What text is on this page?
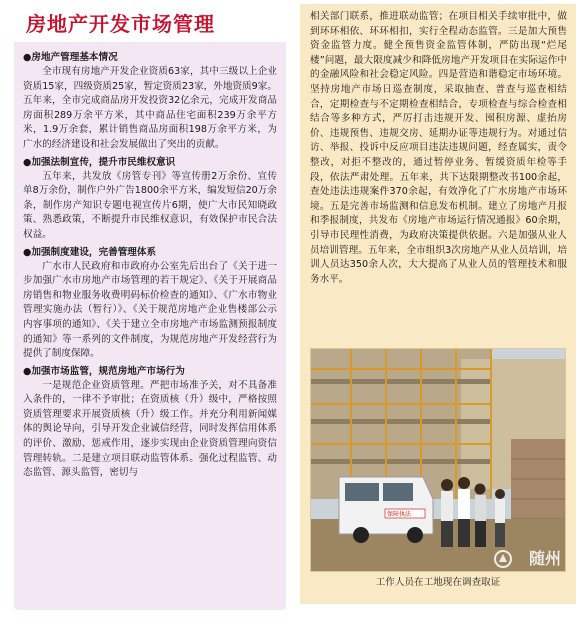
房地产开发市场管理
●房地产管理基本情况

全市现有房地产开发企业资质63家，其中三级以上企业资质15家，四级资质25家，暂定资质23家，外地资质9家。五年来，全市完成商品房开发投资32亿余元，完成开发商品房面积289万余平方米，其中商品住宅面积239万余平方米，1.9万余套，累计销售商品房面积198万余平方米，为广水的经济建设和社会发展做出了突出的贡献。

●加强法制宣传，提升市民维权意识

五年来，共发放《房管专刊》等宣传册2万余份、宣传单8万余份，制作户外广告1800余平方米，编发短信20万余条，制作房产知识专题电视宣传片6期，使广大市民知晓政策、熟悉政策，不断提升市民维权意识，有效保护市民合法权益。

●加强制度建设，完善管理体系

广水市人民政府和市政府办公室先后出台了《关于进一步加强广水市房地产市场管理的若干规定》、《关于开展商品房销售和物业服务收费明码标价检查的通知》、《广水市物业管理实施办法（暂行）》、《关于规范房地产企业售楼部公示内容事项的通知》、《关于建立全市房地产市场监测预报制度的通知》等一系列的文件制度，为规范房地产开发经营行为提供了制度保障。

●加强市场监管，规范房地产市场行为

一是规范企业资质管理。严把市场准予关，对不具备准入条件的，一律不予审批；在资质核（升）级中，严格按照资质管理要求开展资质核（升）级工作。并充分利用新闻媒体的舆论导向，引导开发企业诚信经营，同时发挥信用体系的评价、激励、惩戒作用，逐步实现由企业资质管理向资信管理转轨。二是建立项目联动监管体系。强化过程监管、动态监管、源头监管，密切与

相关部门联系，推进联动监管；在项目相关手续审批中，做到环环相依、环环相扣，实行全程动态监管。三是加大预售资金监管力度。健全预售资金监管体制，严防出现“烂尾楼”问题，最大限度减少和降低房地产开发项目在实际运作中的金融风险和社会稳定风险。四是营造和谐稳定市场环境。坚持房地产市场日巡查制度，采取抽查、普查与巡查相结合，定期检查与不定期检查相结合，专项检查与综合检查相结合等多种方式，严厉打击违规开发、囤积房源、虚抬房价、违规预售、违规交房、延期办证等违规行为。对通过信访、举报、投诉中反应项目违法违规问题，经查属实，责令整改，对拒不整改的，通过暂停业务、暂缓资质年检等手段，依法严肃处理。五年来，共下达限期整改书100余起，查处违法违规案件370余起，有效净化了广水房地产市场环境。五是完善市场监测和信息发布机制。建立了房地产月报和季报制度，共发布《房地产市场运行情况通报》60余期，引导市民理性消费，为政府决策提供依据。六是加强从业人员培训管理。五年来，全市组织3次房地产从业人员培训，培训人员达350余人次，大大提高了从业人员的管理技术和服务水平。

保障执法
随州
工作人员在工地现在调查取证
